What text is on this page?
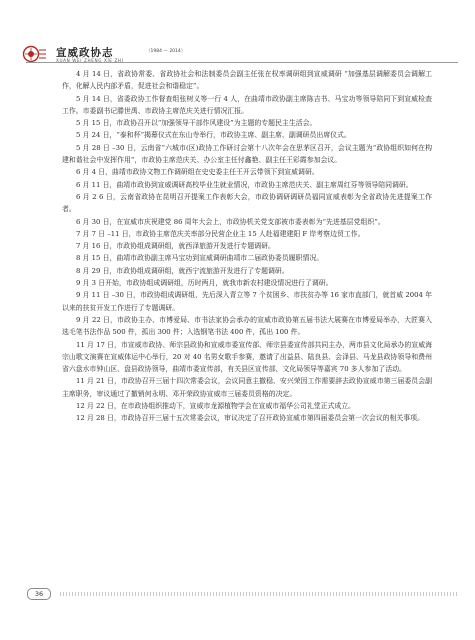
宣威政协志	（1984 — 2014）
XUAN WEI ZHENG XIE ZHI

4 月 14 日，省政协常委、省政协社会和法制委员会副主任张在权率调研组到宣威调研 “加强基层调解委员会调解工作，化解人民内部矛盾，促进社会和谐稳定”。

5 月 14 日，省委政协工作督查组张树义等一行 4 人，在曲靖市政协副主席陈吉书、马宝功等领导陪同下到宣威检查工作。市委副书记滕世禹、市政协主席范庆关进行情况汇报。

5 月 15 日，市政协召开以“加强领导干部作风建设”为主题的专题民主生活会。

5 月 24 日，“泰和杯”揭幕仪式在东山寺举行，市政协主席、副主席、副调研员出席仪式。

5 月 28 日 –30 日，云南省“六城市(区)政协工作研讨会第十八次年会在思茅区召开，会议主题为“政协组织如何在构建和谐社会中发挥作用”，市政协主席范庆关、办公室主任付鑫艳、副主任王彩霞参加会议。

6 月 4 日，曲靖市政协文物工作调研组在史史委主任王开云带领下到宣威调研。

6 月 11 日，曲靖市政协到宣威调研高校毕业生就业情况，市政协主席范庆关、副主席周红芬等领导陪同调研。

6 月 2 6 日，云南省政协在昆明召开提案工作表彰大会，市政协调研调研员福同宣威表彰为全省政协先进提案工作者。

6 月 30 日，在宣威市庆祝建党 86 周年大会上，市政协机关党支部被市委表彰为“先进基层党组织”。

7 月 7 日 –11 日，市政协主席范庆关率部分民营企业主 15 人赴福建建阳 F 岸考察边贸工作。

7 月 16 日，市政协组成调研组，就西泽旅游开发进行专题调研。

8 月 15 日，曲靖市政协副主席马宝功到宣威调研曲靖市二届政协委员履职情况。

8 月 29 日，市政协组成调研组，就西宁流旅游开发进行了专题调研。

9 月 3 日开始，市政协组成调研组，历时两月，就我市新农村建设情况进行了调研。

9 月 11 日 –30 日，市政协组成调研组，先后深入青立等 7 个贫困乡、市扶贫办等 16 家市直部门，就首威 2004 年以来的扶贫开发工作进行了专题调研。

9 月 22 日，市政协主办、市博爱局、市书法家协会承办的宣威市政协第五届书法大展赛在市博爱局举办，大匠赛入选毛笔书法作品 500 件，孤出 300 件；入选钢笔书法 400 件，孤出 100 件。

11 月 17 日，市宣威市政协、师宗县政协和宣威市委宣传部、师宗县委宣传部共同主办，两市县文化局承办的宣威海宗山歌文演赛在宣威体运中心举行，20 对 40 名男女歌手参赛，邀请了出益县、陆良县、会泽县、马龙县政协领导和费州省六盘水市钟山区、盘县政协领导，曲靖市委宣传部，有关县区宣传部，文化局领导等嘉宾 70 多人参加了活动。

11 月 21 日，市政协召开三届十四次常委会议，会议同意主撤稳、安兴荣因工作需要辞去政协宣威市第三届委员会副主席职务，审议通过了撤销何永明、邓开荣政协宣威市三届委员资格的决定。

12 月 22 日，在市政协组织推动下，宣威市龙源植物学会在宣威市福华公司礼堂正式成立。

12 月 28 日，市政协召开三届十五次常委会议，审议决定了召开政协宣威市第四届委员会第一次会议的相关事项。

36
